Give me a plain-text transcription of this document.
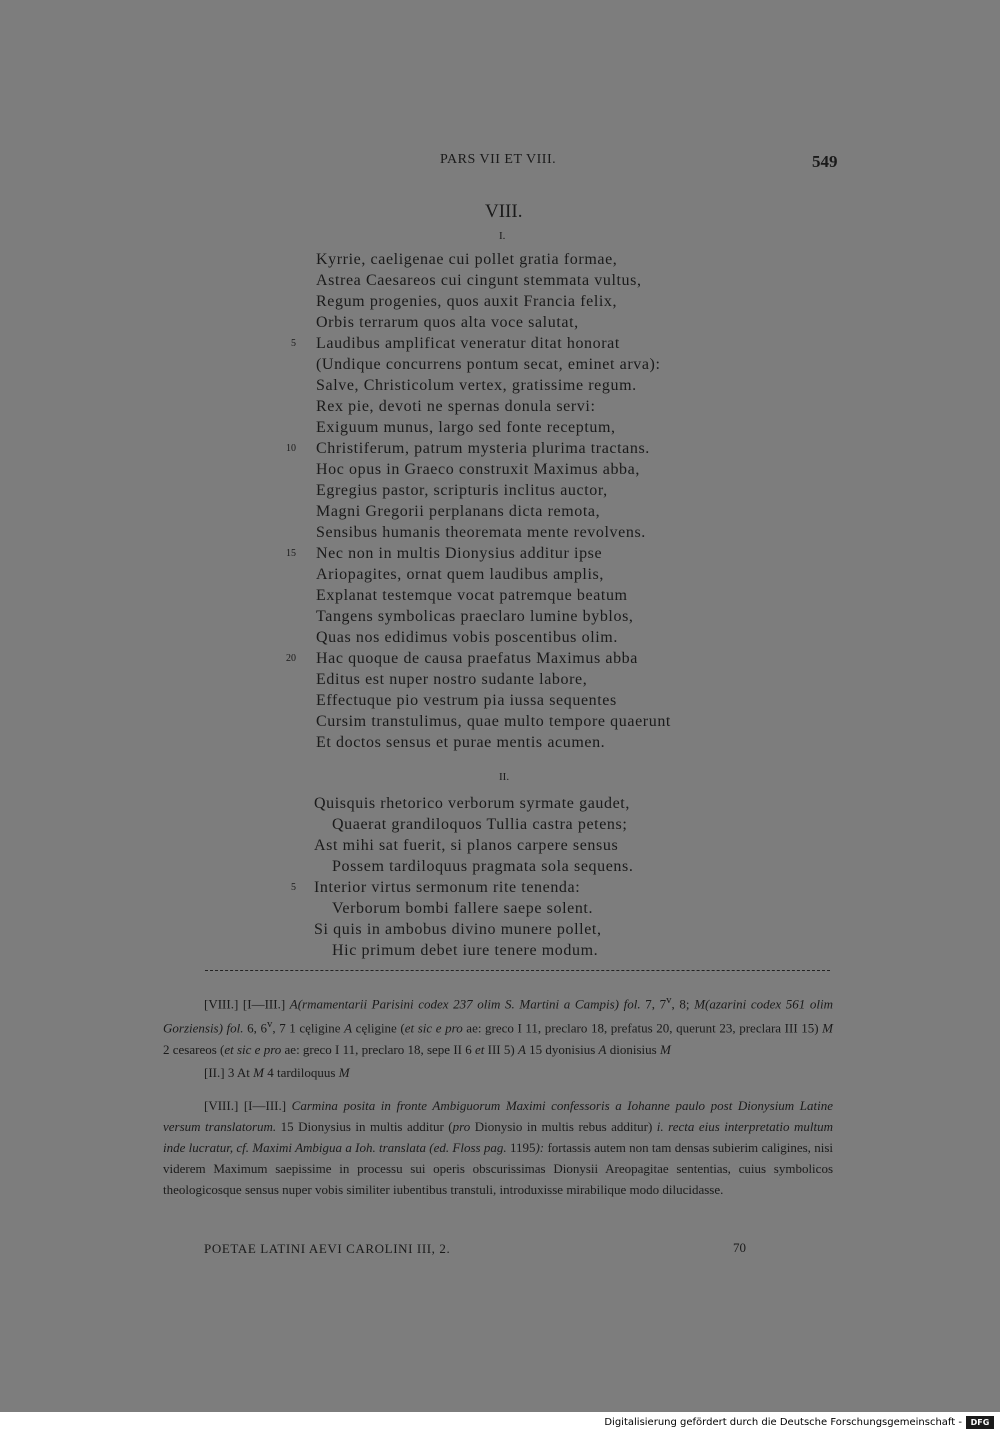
PARS VII ET VIII.	549
VIII.
I.
Kyrrie, caeligenae cui pollet gratia formae,
Astrea Caesareos cui cingunt stemmata vultus,
Regum progenies, quos auxit Francia felix,
Orbis terrarum quos alta voce salutat,
5 Laudibus amplificat veneratur ditat honorat
(Undique concurrens pontum secat, eminet arva):
Salve, Christicolum vertex, gratissime regum.
Rex pie, devoti ne spernas donula servi:
Exiguum munus, largo sed fonte receptum,
10 Christiferum, patrum mysteria plurima tractans.
Hoc opus in Graeco construxit Maximus abba,
Egregius pastor, scripturis inclitus auctor,
Magni Gregorii perplanans dicta remota,
Sensibus humanis theoremata mente revolvens.
15 Nec non in multis Dionysius additur ipse
Ariopagites, ornat quem laudibus amplis,
Explanat testemque vocat patremque beatum
Tangens symbolicas praeclaro lumine byblos,
Quas nos edidimus vobis poscentibus olim.
20 Hac quoque de causa praefatus Maximus abba
Editus est nuper nostro sudante labore,
Effectuque pio vestrum pia iussa sequentes
Cursim transtulimus, quae multo tempore quaerunt
Et doctos sensus et purae mentis acumen.
II.
Quisquis rhetorico verborum syrmate gaudet,
Quaerat grandiloquos Tullia castra petens;
Ast mihi sat fuerit, si planos carpere sensus
Possem tardiloquus pragmata sola sequens.
5 Interior virtus sermonum rite tenenda:
Verborum bombi fallere saepe solent.
Si quis in ambobus divino munere pollet,
Hic primum debet iure tenere modum.
[VIII.] [I—III.] A(rmamentarii Parisini codex 237 olim S. Martini a Campis) fol. 7, 7$^v$, 8; M(azarini codex 561 olim Gorziensis) fol. 6, 6$^v$, 7 1 cęligine A cęligine (et sic e pro ae: greco I 11, preclaro 18, prefatus 20, querunt 23, preclara III 15) M 2 cesareos (et sic e pro ae: greco I 11, preclaro 18, sepe II 6 et III 5) A 15 dyonisius A dionisius M
[II.] 3 At M 4 tardiloquus M
[VIII.] [I—III.] Carmina posita in fronte Ambiguorum Maximi confessoris a Iohanne paulo post Dionysium Latine versum translatorum. 15 Dionysius in multis additur (pro Dionysio in multis rebus additur) i. recta eius interpretatio multum inde lucratur, cf. Maximi Ambigua a Ioh. translata (ed. Floss pag. 1195): fortassis autem non tam densas subierim caligines, nisi viderem Maximum saepissime in processu sui operis obscurissimas Dionysii Areopagitae sententias, cuius symbolicos theologicosque sensus nuper vobis similiter iubentibus transtuli, introduxisse mirabilique modo dilucidasse.
POETAE LATINI AEVI CAROLINI III, 2.	70
Digitalisierung gefördert durch die Deutsche Forschungsgemeinschaft -	DFG
